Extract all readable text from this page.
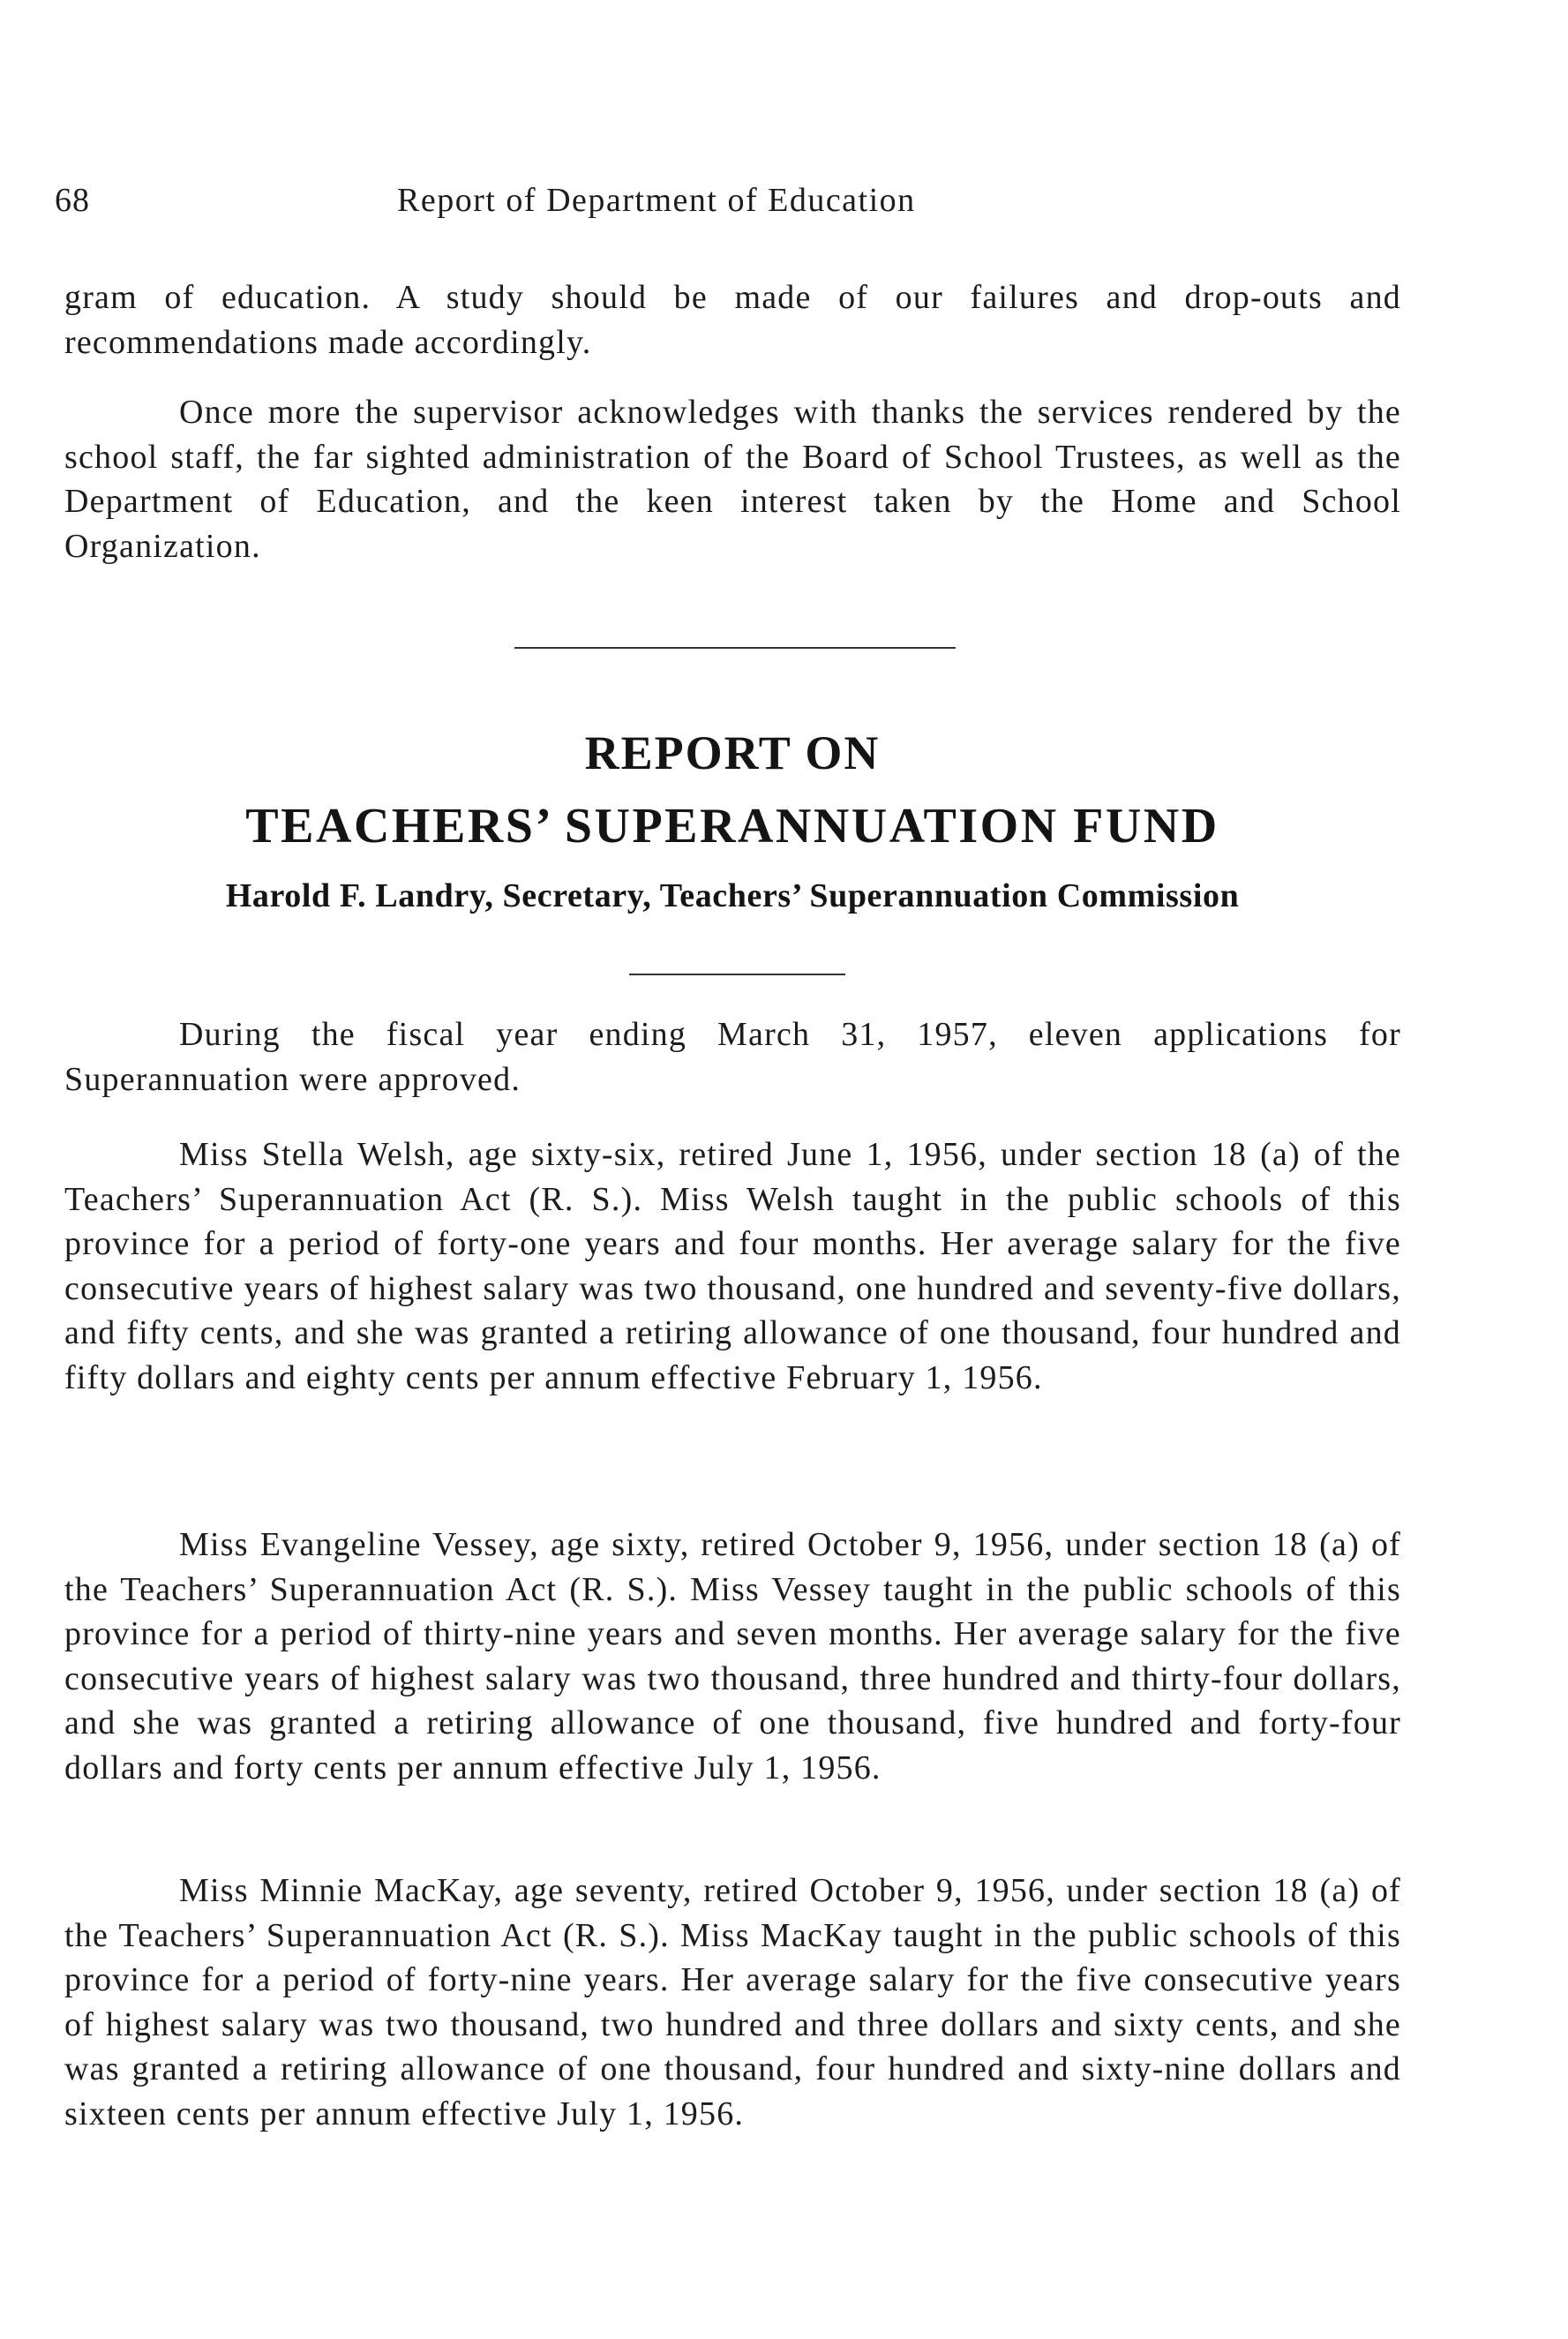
68	Report of Department of Education

gram of education. A study should be made of our failures and drop-outs and recommendations made accordingly.

Once more the supervisor acknowledges with thanks the services rendered by the school staff, the far sighted administration of the Board of School Trustees, as well as the Department of Education, and the keen interest taken by the Home and School Organization.

REPORT ON
TEACHERS’ SUPERANNUATION FUND
Harold F. Landry, Secretary, Teachers’ Superannuation Commission

During the fiscal year ending March 31, 1957, eleven applications for Superannuation were approved.

Miss Stella Welsh, age sixty-six, retired June 1, 1956, under section 18 (a) of the Teachers’ Superannuation Act (R. S.). Miss Welsh taught in the public schools of this province for a period of forty-one years and four months. Her average salary for the five consecutive years of highest salary was two thousand, one hundred and seventy-five dollars, and fifty cents, and she was granted a retiring allowance of one thousand, four hundred and fifty dollars and eighty cents per annum effective February 1, 1956.

Miss Evangeline Vessey, age sixty, retired October 9, 1956, under section 18 (a) of the Teachers’ Superannuation Act (R. S.). Miss Vessey taught in the public schools of this province for a period of thirty-nine years and seven months. Her average salary for the five consecutive years of highest salary was two thousand, three hundred and thirty-four dollars, and she was granted a retiring allowance of one thousand, five hundred and forty-four dollars and forty cents per annum effective July 1, 1956.

Miss Minnie MacKay, age seventy, retired October 9, 1956, under section 18 (a) of the Teachers’ Superannuation Act (R. S.). Miss MacKay taught in the public schools of this province for a period of forty-nine years. Her average salary for the five consecutive years of highest salary was two thousand, two hundred and three dollars and sixty cents, and she was granted a retiring allowance of one thousand, four hundred and sixty-nine dollars and sixteen cents per annum effective July 1, 1956.
